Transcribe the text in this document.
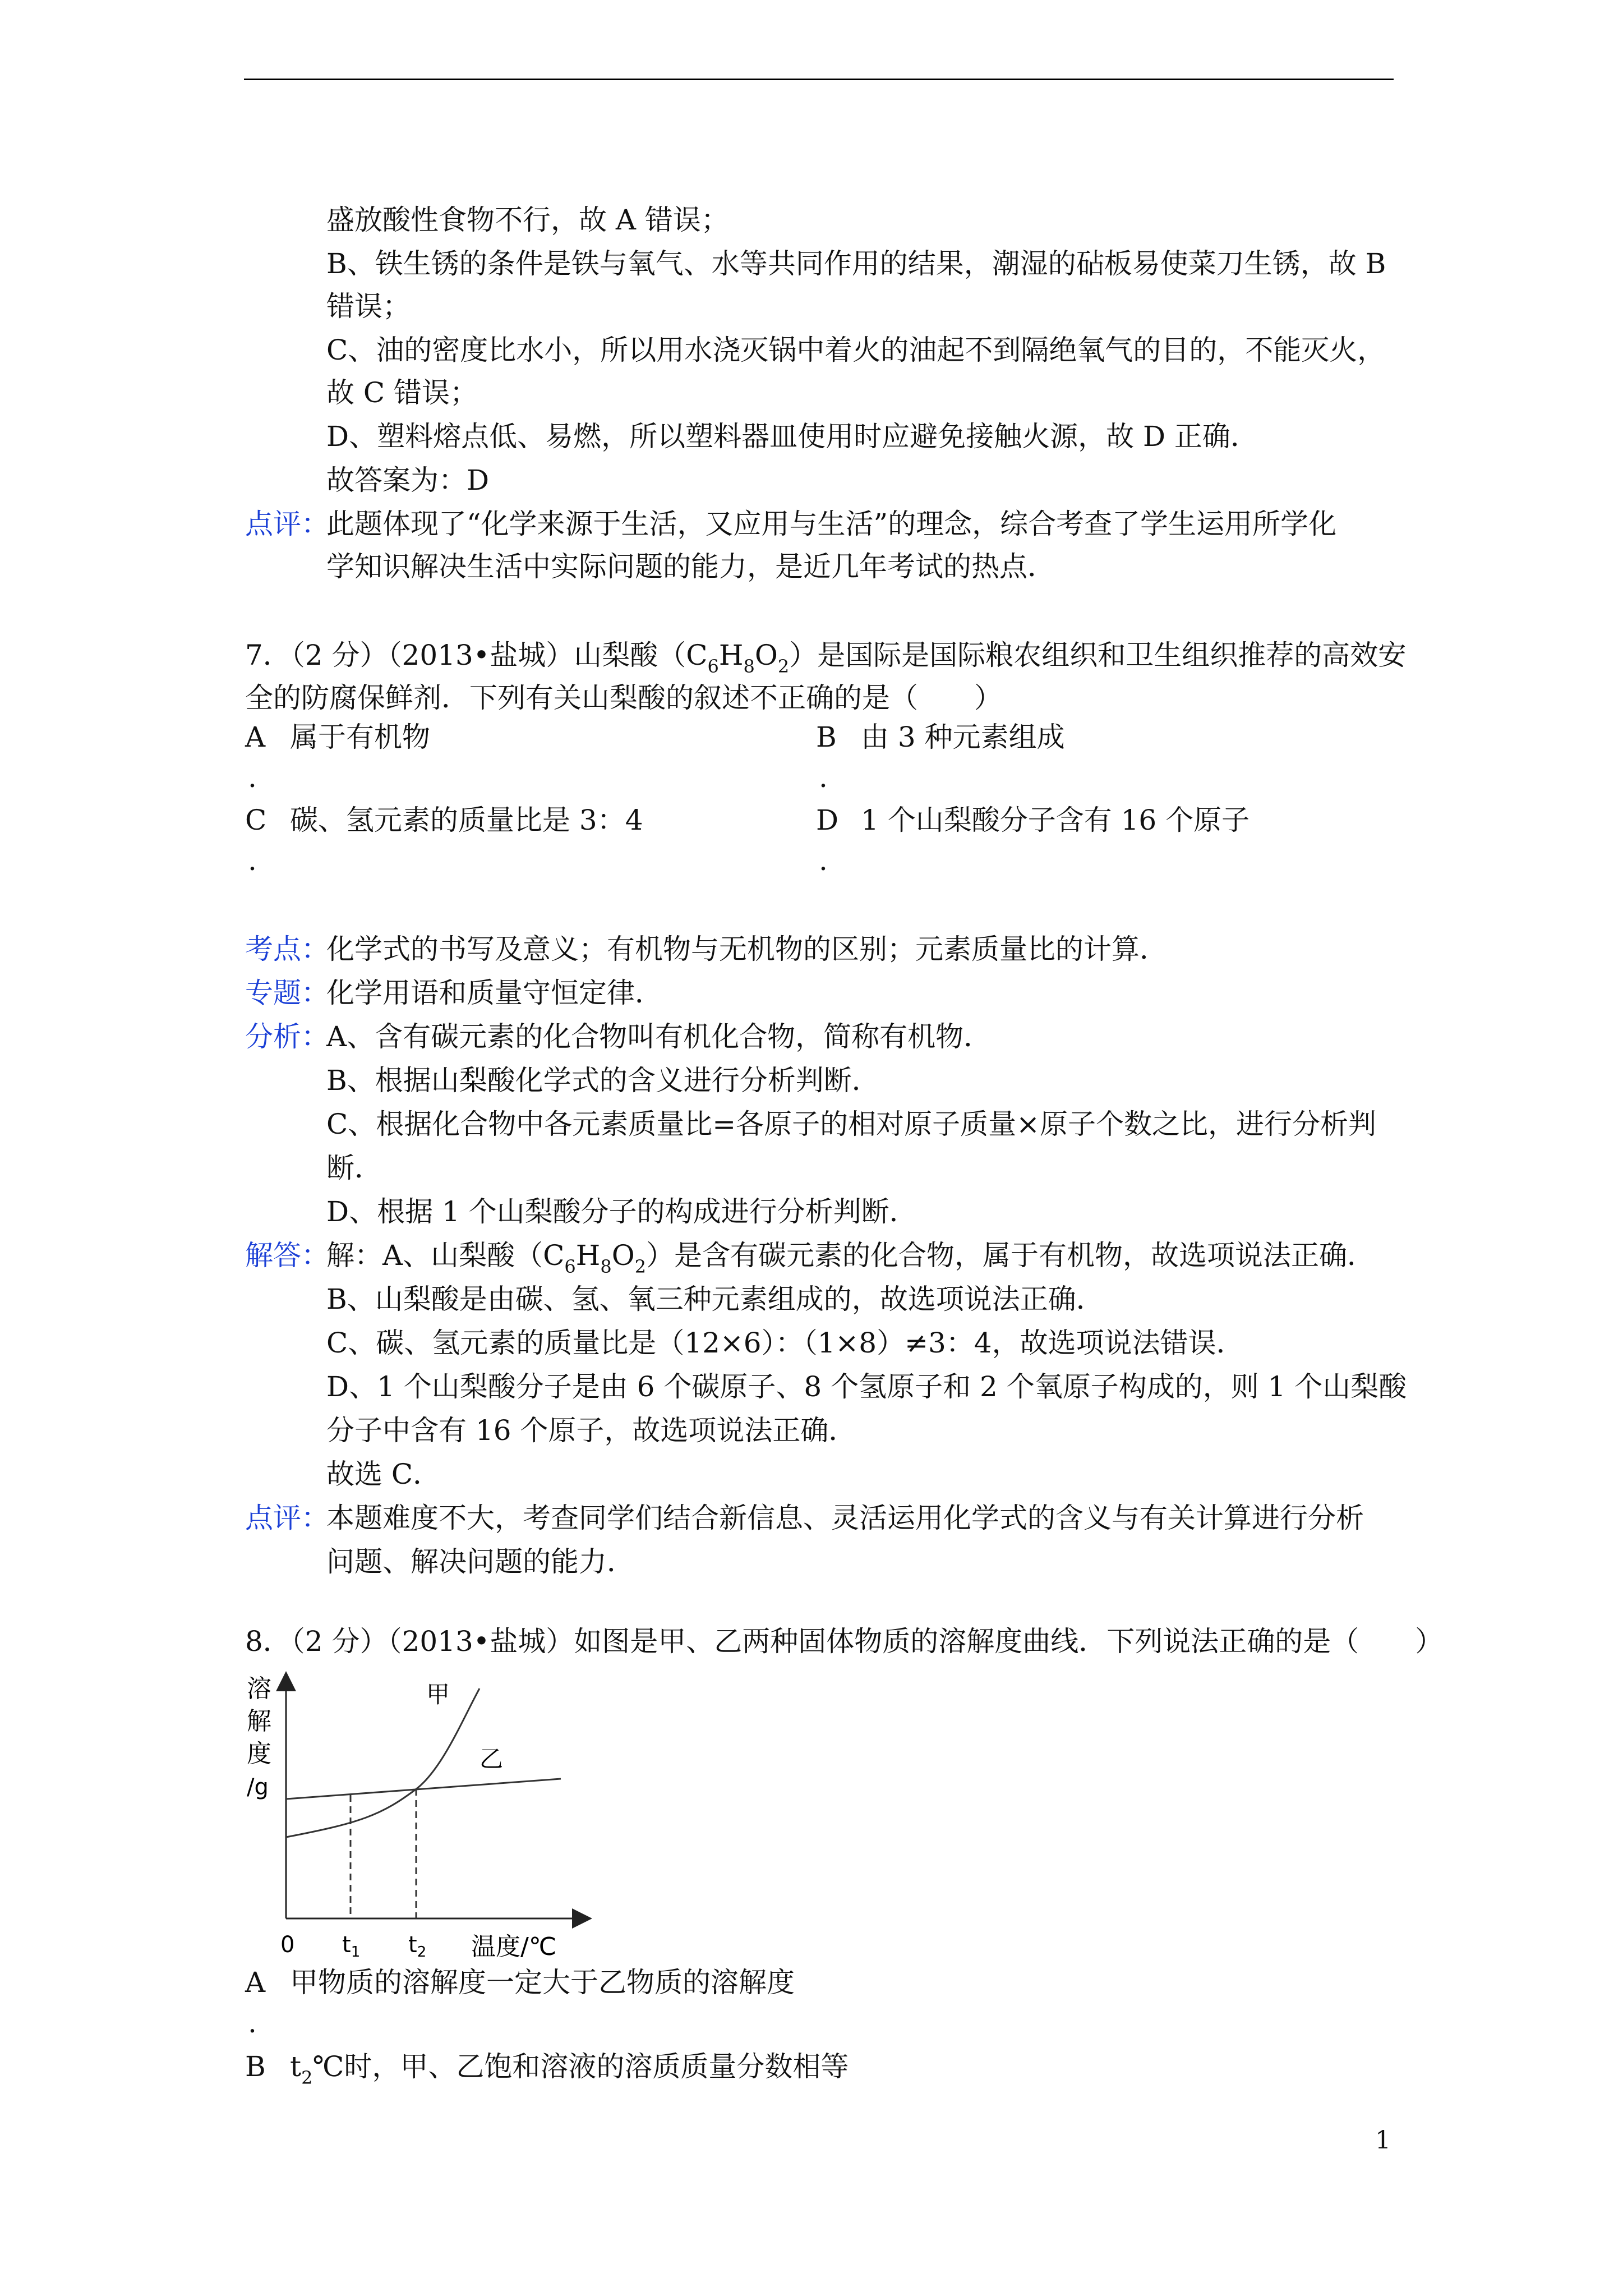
盛放酸性食物不行，故 A 错误；
B、铁生锈的条件是铁与氧气、水等共同作用的结果，潮湿的砧板易使菜刀生锈，故 B
错误；
C、油的密度比水小，所以用水浇灭锅中着火的油起不到隔绝氧气的目的，不能灭火，
故 C 错误；
D、塑料熔点低、易燃，所以塑料器皿使用时应避免接触火源，故 D 正确．
故答案为：D
点评：
此题体现了“化学来源于生活，又应用与生活”的理念，综合考查了学生运用所学化
学知识解决生活中实际问题的能力，是近几年考试的热点．
7．（2 分）（2013•盐城）山梨酸$(C_6H_8O_2)$是国际是国际粮农组织和卫生组织推荐的高效安
全的防腐保鲜剂．下列有关山梨酸的叙述不正确的是（　　）
A 属于有机物
.
B 由 3 种元素组成
.
C 碳、氢元素的质量比是 3：4
.
D 1 个山梨酸分子含有 16 个原子
.
考点：
化学式的书写及意义；有机物与无机物的区别；元素质量比的计算．
专题：
化学用语和质量守恒定律．
分析：
A、含有碳元素的化合物叫有机化合物，简称有机物．
B、根据山梨酸化学式的含义进行分析判断．
C、根据化合物中各元素质量比=各原子的相对原子质量×原子个数之比，进行分析判
断．
D、根据 1 个山梨酸分子的构成进行分析判断．
解答：
解：A、山梨酸$(C_6H_8O_2)$是含有碳元素的化合物，属于有机物，故选项说法正确．
B、山梨酸是由碳、氢、氧三种元素组成的，故选项说法正确．
C、碳、氢元素的质量比是（12×6）：（1×8）≠3：4，故选项说法错误．
D、1 个山梨酸分子是由 6 个碳原子、8 个氢原子和 2 个氧原子构成的，则 1 个山梨酸
分子中含有 16 个原子，故选项说法正确．
故选 C．
点评：
本题难度不大，考查同学们结合新信息、灵活运用化学式的含义与有关计算进行分析
问题、解决问题的能力．
8．（2 分）（2013•盐城）如图是甲、乙两种固体物质的溶解度曲线．下列说法正确的是（　　）
溶
解
度
/g
甲
乙
0 $t_1$ $t_2$ 温度/℃
A 甲物质的溶解度一定大于乙物质的溶解度
.
B $t_2℃$时，甲、乙饱和溶液的溶质质量分数相等
1
